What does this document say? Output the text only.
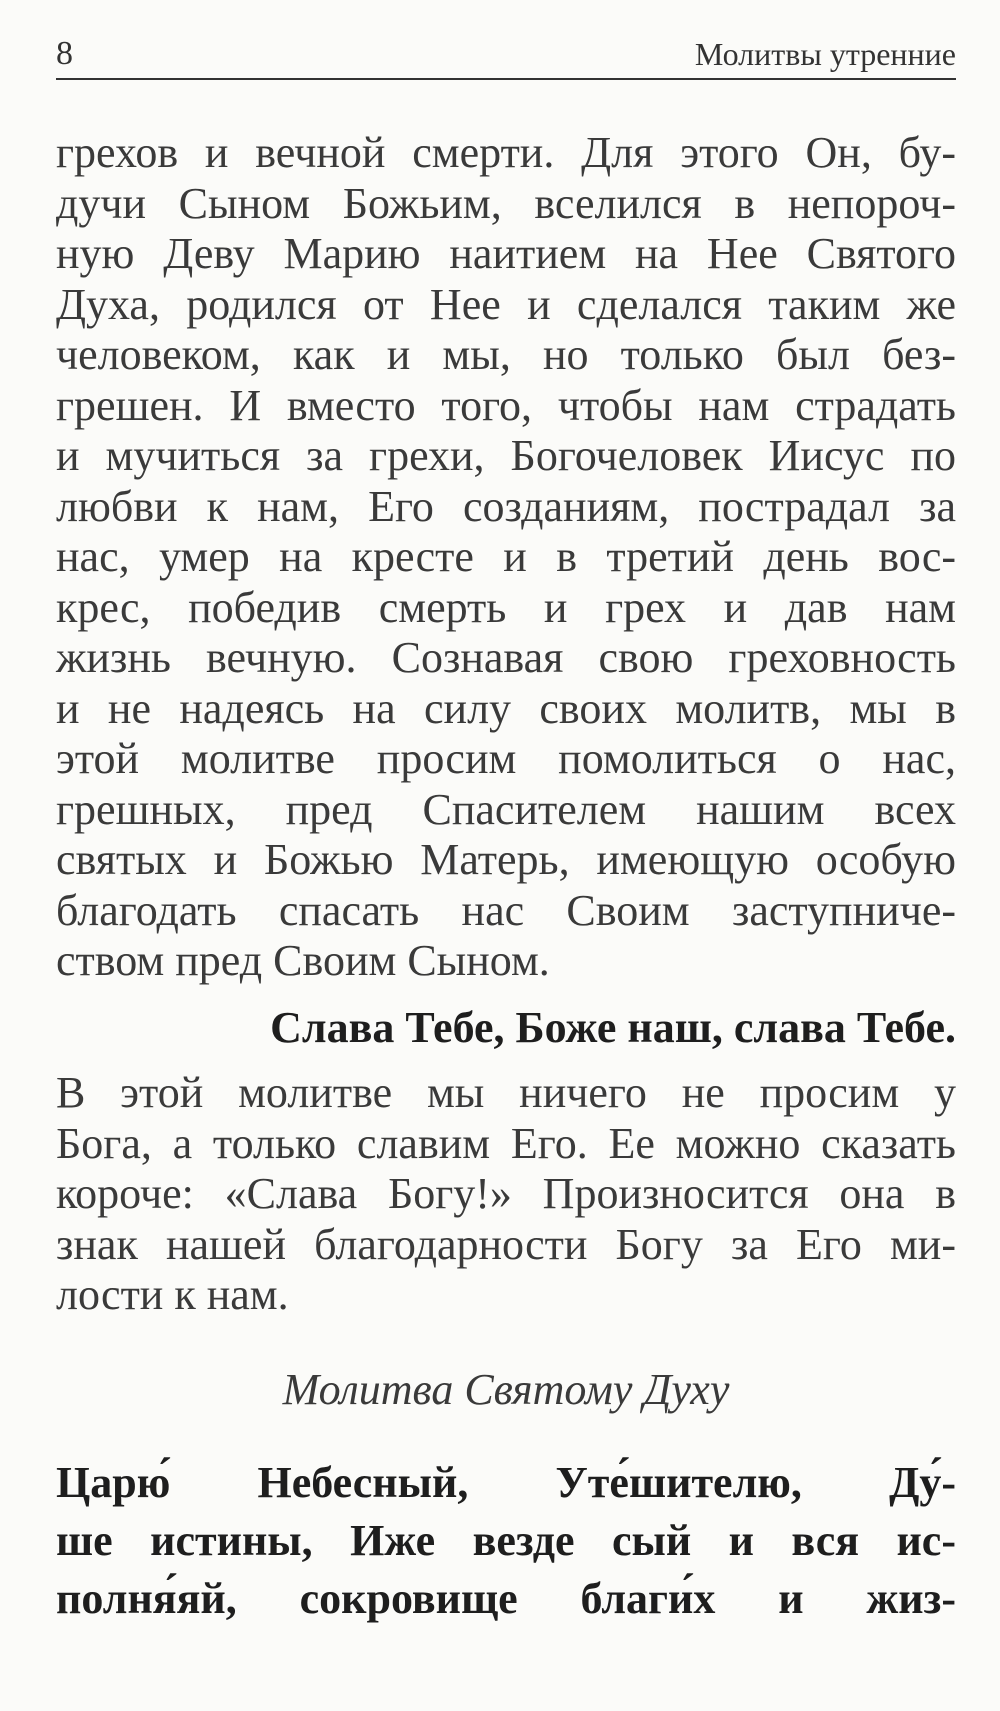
8	Молитвы утренние

грехов и вечной смерти. Для этого Он, бу-
дучи Сыном Божьим, вселился в непороч-
ную Деву Марию наитием на Нее Святого
Духа, родился от Нее и сделался таким же
человеком, как и мы, но только был без-
грешен. И вместо того, чтобы нам страдать
и мучиться за грехи, Богочеловек Иисус по
любви к нам, Его созданиям, пострадал за
нас, умер на кресте и в третий день вос-
крес, победив смерть и грех и дав нам
жизнь вечную. Сознавая свою греховность
и не надеясь на силу своих молитв, мы в
этой молитве просим помолиться о нас,
грешных, пред Спасителем нашим всех
святых и Божью Матерь, имеющую особую
благодать спасать нас Своим заступниче-
ством пред Своим Сыном.

Слава Тебе, Боже наш, слава Тебе.

В этой молитве мы ничего не просим у
Бога, а только славим Его. Ее можно сказать
короче: «Слава Богу!» Произносится она в
знак нашей благодарности Богу за Его ми-
лости к нам.

Молитва Святому Духу

Царю́ Небесный, Уте́шителю, Ду́-
ше истины, Иже везде сый и вся ис-
полня́яй, сокровище благи́х и жиз-
